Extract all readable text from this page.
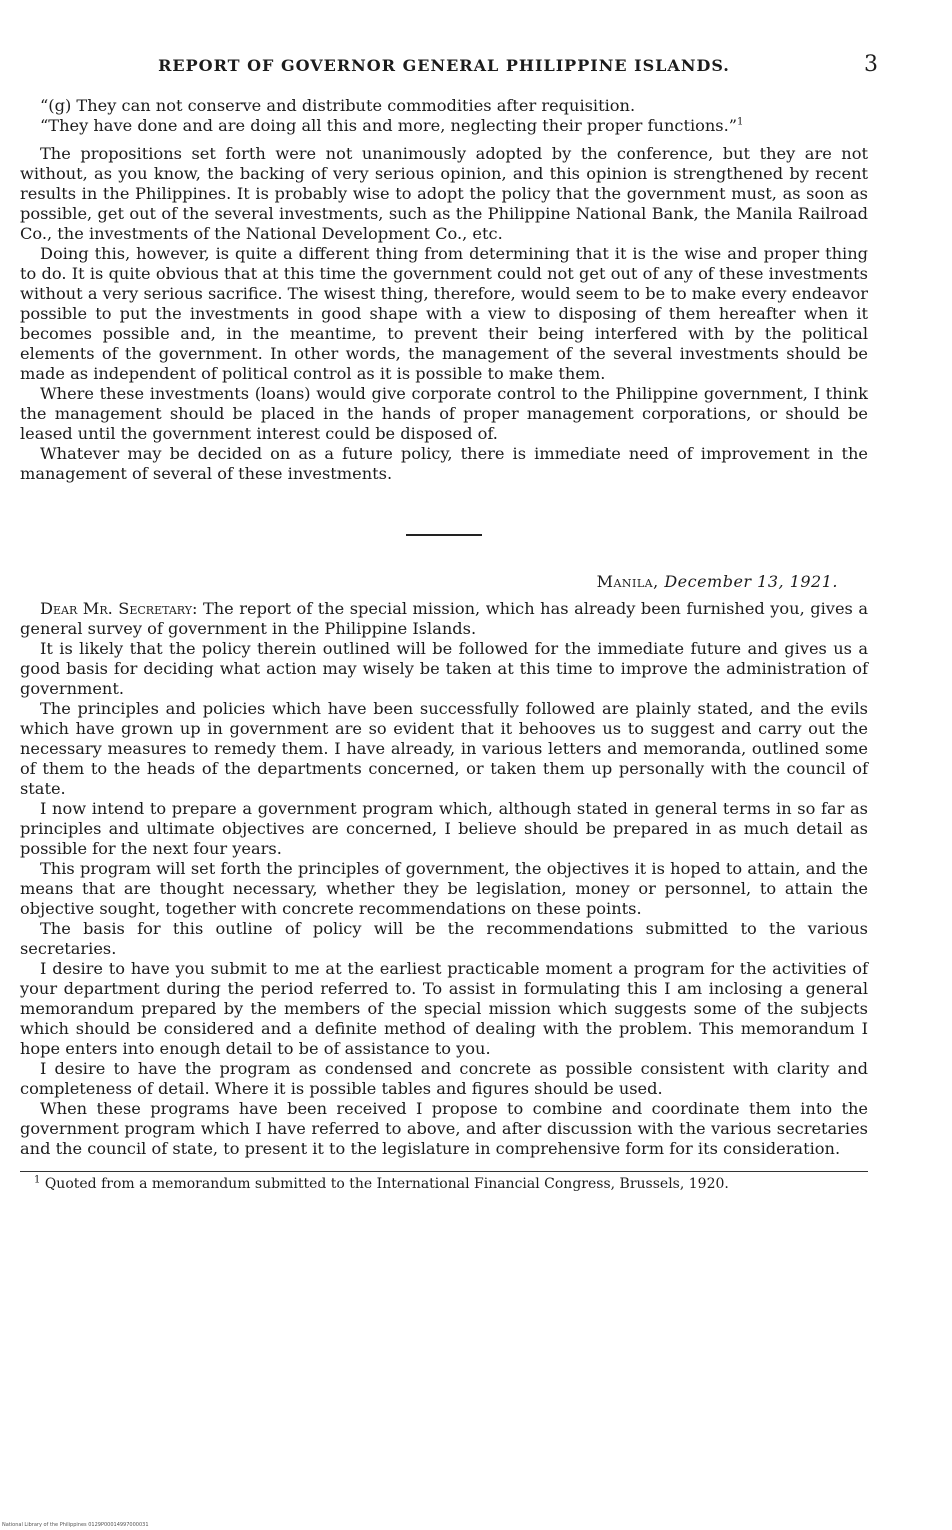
REPORT OF GOVERNOR GENERAL PHILIPPINE ISLANDS.	3

“(g) They can not conserve and distribute commodities after requisition.

“They have done and are doing all this and more, neglecting their proper functions.”$^1$

The propositions set forth were not unanimously adopted by the conference, but they are not without, as you know, the backing of very serious opinion, and this opinion is strengthened by recent results in the Philippines. It is probably wise to adopt the policy that the government must, as soon as possible, get out of the several investments, such as the Philippine National Bank, the Manila Railroad Co., the investments of the National Development Co., etc.

Doing this, however, is quite a different thing from determining that it is the wise and proper thing to do. It is quite obvious that at this time the government could not get out of any of these investments without a very serious sacrifice. The wisest thing, therefore, would seem to be to make every endeavor possible to put the investments in good shape with a view to disposing of them hereafter when it becomes possible and, in the meantime, to prevent their being interfered with by the political elements of the government. In other words, the management of the several investments should be made as independent of political control as it is possible to make them.

Where these investments (loans) would give corporate control to the Philippine government, I think the management should be placed in the hands of proper management corporations, or should be leased until the government interest could be disposed of.

Whatever may be decided on as a future policy, there is immediate need of improvement in the management of several of these investments.

Manila, December 13, 1921.

Dear Mr. Secretary: The report of the special mission, which has already been furnished you, gives a general survey of government in the Philippine Islands.

It is likely that the policy therein outlined will be followed for the immediate future and gives us a good basis for deciding what action may wisely be taken at this time to improve the administration of government.

The principles and policies which have been successfully followed are plainly stated, and the evils which have grown up in government are so evident that it behooves us to suggest and carry out the necessary measures to remedy them. I have already, in various letters and memoranda, outlined some of them to the heads of the departments concerned, or taken them up personally with the council of state.

I now intend to prepare a government program which, although stated in general terms in so far as principles and ultimate objectives are concerned, I believe should be prepared in as much detail as possible for the next four years.

This program will set forth the principles of government, the objectives it is hoped to attain, and the means that are thought necessary, whether they be legislation, money or personnel, to attain the objective sought, together with concrete recommendations on these points.

The basis for this outline of policy will be the recommendations submitted to the various secretaries.

I desire to have you submit to me at the earliest practicable moment a program for the activities of your department during the period referred to. To assist in formulating this I am inclosing a general memorandum prepared by the members of the special mission which suggests some of the subjects which should be considered and a definite method of dealing with the problem. This memorandum I hope enters into enough detail to be of assistance to you.

I desire to have the program as condensed and concrete as possible consistent with clarity and completeness of detail. Where it is possible tables and figures should be used.

When these programs have been received I propose to combine and coordinate them into the government program which I have referred to above, and after discussion with the various secretaries and the council of state, to present it to the legislature in comprehensive form for its consideration.

$^1$ Quoted from a memorandum submitted to the International Financial Congress, Brussels, 1920.

National Library of the Philippines 0129P00014997000031
